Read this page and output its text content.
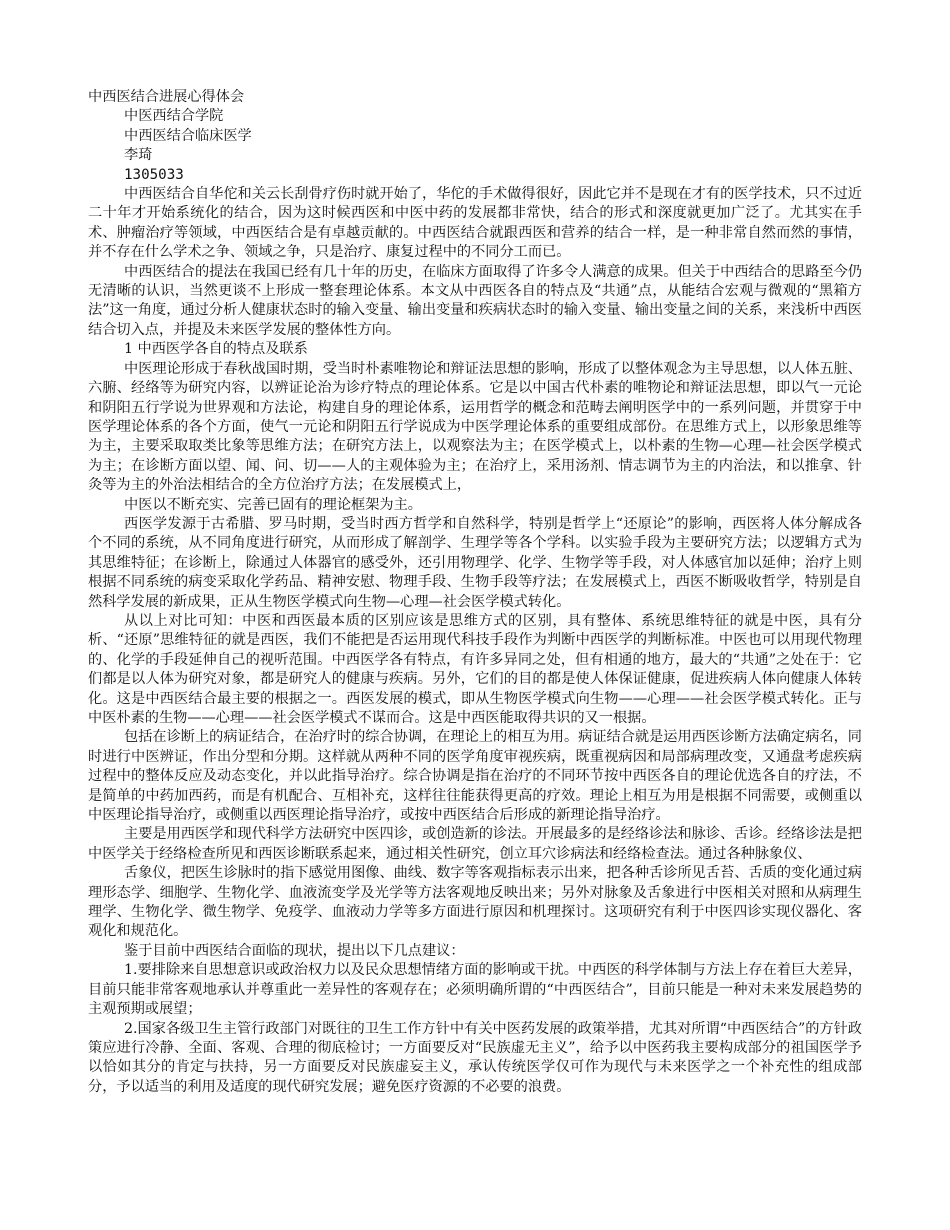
中西医结合进展心得体会

中医西结合学院

中西医结合临床医学

李琦

1305033

中西医结合自华佗和关云长刮骨疗伤时就开始了，华佗的手术做得很好，因此它并不是现在才有的医学技术，只不过近二十年才开始系统化的结合，因为这时候西医和中医中药的发展都非常快，结合的形式和深度就更加广泛了。尤其实在手术、肿瘤治疗等领域，中西医结合是有卓越贡献的。中西医结合就跟西医和营养的结合一样，是一种非常自然而然的事情，并不存在什么学术之争、领域之争，只是治疗、康复过程中的不同分工而已。

中西医结合的提法在我国已经有几十年的历史，在临床方面取得了许多令人满意的成果。但关于中西结合的思路至今仍无清晰的认识，当然更谈不上形成一整套理论体系。本文从中西医各自的特点及“共通”点，从能结合宏观与微观的“黑箱方法”这一角度，通过分析人健康状态时的输入变量、输出变量和疾病状态时的输入变量、输出变量之间的关系，来浅析中西医结合切入点，并提及未来医学发展的整体性方向。

1 中西医学各自的特点及联系

中医理论形成于春秋战国时期，受当时朴素唯物论和辩证法思想的影响，形成了以整体观念为主导思想，以人体五脏、六腑、经络等为研究内容，以辨证论治为诊疗特点的理论体系。它是以中国古代朴素的唯物论和辩证法思想，即以气一元论和阴阳五行学说为世界观和方法论，构建自身的理论体系，运用哲学的概念和范畴去阐明医学中的一系列问题，并贯穿于中医学理论体系的各个方面，使气一元论和阴阳五行学说成为中医学理论体系的重要组成部份。在思维方式上，以形象思维等为主，主要采取取类比象等思维方法；在研究方法上，以观察法为主；在医学模式上，以朴素的生物—心理—社会医学模式为主；在诊断方面以望、闻、问、切——人的主观体验为主；在治疗上，采用汤剂、情志调节为主的内治法，和以推拿、针灸等为主的外治法相结合的全方位治疗方法；在发展模式上，

中医以不断充实、完善已固有的理论框架为主。

西医学发源于古希腊、罗马时期，受当时西方哲学和自然科学，特别是哲学上“还原论”的影响，西医将人体分解成各个不同的系统，从不同角度进行研究，从而形成了解剖学、生理学等各个学科。以实验手段为主要研究方法；以逻辑方式为其思维特征；在诊断上，除通过人体器官的感受外，还引用物理学、化学、生物学等手段，对人体感官加以延伸；治疗上则根据不同系统的病变采取化学药品、精神安慰、物理手段、生物手段等疗法；在发展模式上，西医不断吸收哲学，特别是自然科学发展的新成果，正从生物医学模式向生物—心理—社会医学模式转化。

从以上对比可知：中医和西医最本质的区别应该是思维方式的区别，具有整体、系统思维特征的就是中医，具有分析、“还原”思维特征的就是西医，我们不能把是否运用现代科技手段作为判断中西医学的判断标准。中医也可以用现代物理的、化学的手段延伸自己的视听范围。中西医学各有特点，有许多异同之处，但有相通的地方，最大的“共通”之处在于：它们都是以人体为研究对象，都是研究人的健康与疾病。另外，它们的目的都是使人体保证健康，促进疾病人体向健康人体转化。这是中西医结合最主要的根据之一。西医发展的模式，即从生物医学模式向生物——心理——社会医学模式转化。正与中医朴素的生物——心理——社会医学模式不谋而合。这是中西医能取得共识的又一根据。

包括在诊断上的病证结合，在治疗时的综合协调，在理论上的相互为用。病证结合就是运用西医诊断方法确定病名，同时进行中医辨证，作出分型和分期。这样就从两种不同的医学角度审视疾病，既重视病因和局部病理改变，又通盘考虑疾病过程中的整体反应及动态变化，并以此指导治疗。综合协调是指在治疗的不同环节按中西医各自的理论优选各自的疗法，不是简单的中药加西药，而是有机配合、互相补充，这样往往能获得更高的疗效。理论上相互为用是根据不同需要，或侧重以中医理论指导治疗，或侧重以西医理论指导治疗，或按中西医结合后形成的新理论指导治疗。

主要是用西医学和现代科学方法研究中医四诊，或创造新的诊法。开展最多的是经络诊法和脉诊、舌诊。经络诊法是把中医学关于经络检查所见和西医诊断联系起来，通过相关性研究，创立耳穴诊病法和经络检查法。通过各种脉象仪、

舌象仪，把医生诊脉时的指下感觉用图像、曲线、数字等客观指标表示出来，把各种舌诊所见舌苔、舌质的变化通过病理形态学、细胞学、生物化学、血液流变学及光学等方法客观地反映出来；另外对脉象及舌象进行中医相关对照和从病理生理学、生物化学、微生物学、免疫学、血液动力学等多方面进行原因和机理探讨。这项研究有利于中医四诊实现仪器化、客观化和规范化。

鉴于目前中西医结合面临的现状，提出以下几点建议：

1.要排除来自思想意识或政治权力以及民众思想情绪方面的影响或干扰。中西医的科学体制与方法上存在着巨大差异，目前只能非常客观地承认并尊重此一差异性的客观存在；必须明确所谓的“中西医结合”，目前只能是一种对未来发展趋势的主观预期或展望；

2.国家各级卫生主管行政部门对既往的卫生工作方针中有关中医药发展的政策举措，尤其对所谓“中西医结合”的方针政策应进行冷静、全面、客观、合理的彻底检讨；一方面要反对“民族虚无主义”，给予以中医药我主要构成部分的祖国医学予以恰如其分的肯定与扶持，另一方面要反对民族虚妄主义，承认传统医学仅可作为现代与未来医学之一个补充性的组成部分，予以适当的利用及适度的现代研究发展；避免医疗资源的不必要的浪费。
